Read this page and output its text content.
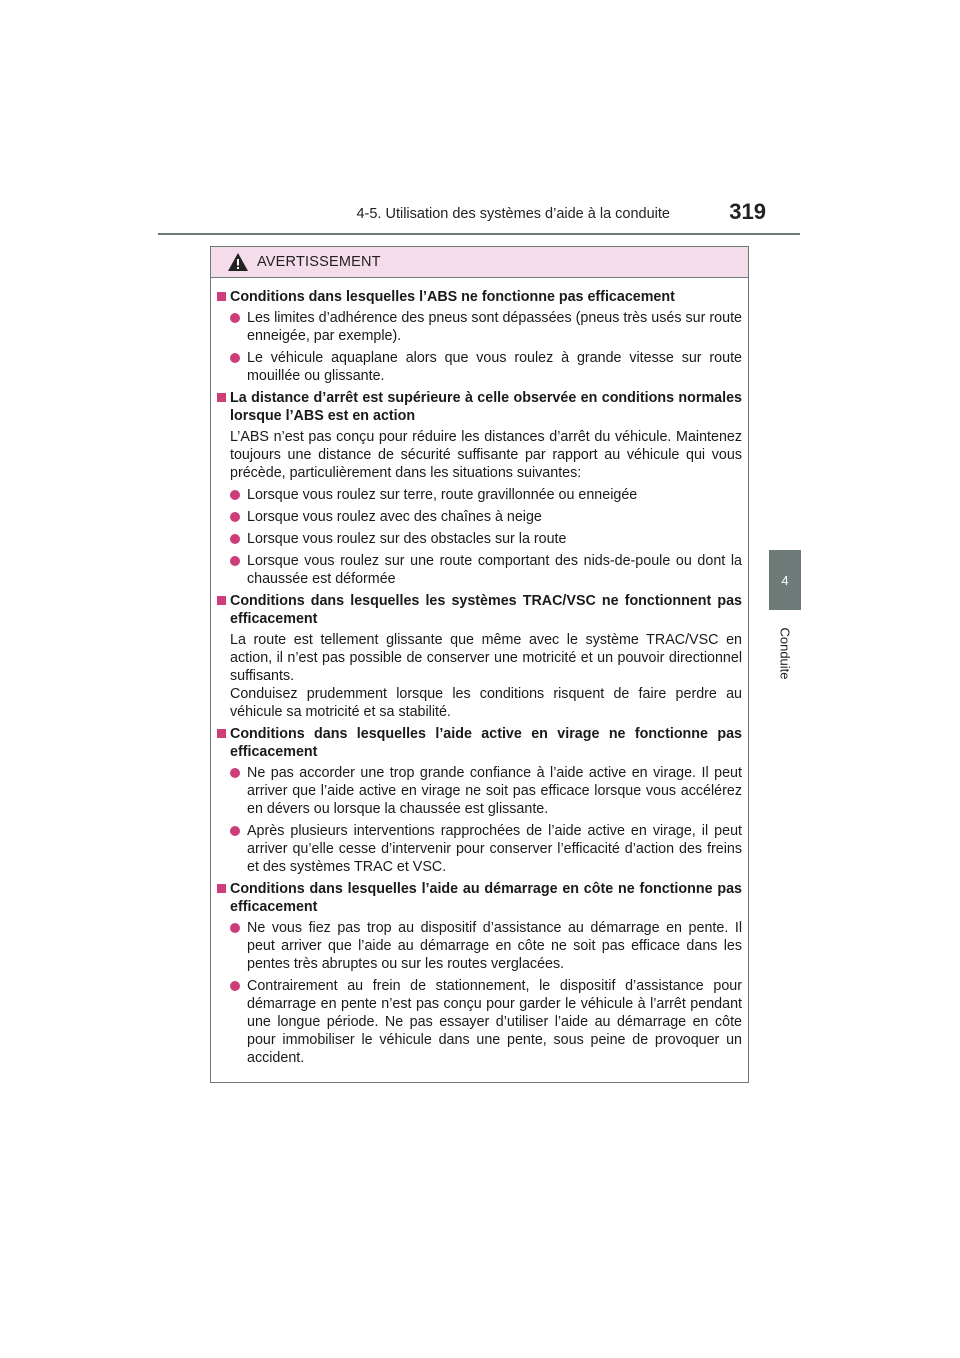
4-5. Utilisation des systèmes d’aide à la conduite	319
4
Conduite
AVERTISSEMENT
Conditions dans lesquelles l’ABS ne fonctionne pas efficacement
Les limites d’adhérence des pneus sont dépassées (pneus très usés sur route enneigée, par exemple).
Le véhicule aquaplane alors que vous roulez à grande vitesse sur route mouillée ou glissante.
La distance d’arrêt est supérieure à celle observée en conditions normales lorsque l’ABS est en action
L’ABS n’est pas conçu pour réduire les distances d’arrêt du véhicule. Maintenez toujours une distance de sécurité suffisante par rapport au véhicule qui vous précède, particulièrement dans les situations suivantes:
Lorsque vous roulez sur terre, route gravillonnée ou enneigée
Lorsque vous roulez avec des chaînes à neige
Lorsque vous roulez sur des obstacles sur la route
Lorsque vous roulez sur une route comportant des nids-de-poule ou dont la chaussée est déformée
Conditions dans lesquelles les systèmes TRAC/VSC ne fonctionnent pas efficacement
La route est tellement glissante que même avec le système TRAC/VSC en action, il n’est pas possible de conserver une motricité et un pouvoir directionnel suffisants.
Conduisez prudemment lorsque les conditions risquent de faire perdre au véhicule sa motricité et sa stabilité.
Conditions dans lesquelles l’aide active en virage ne fonctionne pas efficacement
Ne pas accorder une trop grande confiance à l’aide active en virage. Il peut arriver que l’aide active en virage ne soit pas efficace lorsque vous accélérez en dévers ou lorsque la chaussée est glissante.
Après plusieurs interventions rapprochées de l’aide active en virage, il peut arriver qu’elle cesse d’intervenir pour conserver l’efficacité d’action des freins et des systèmes TRAC et VSC.
Conditions dans lesquelles l’aide au démarrage en côte ne fonctionne pas efficacement
Ne vous fiez pas trop au dispositif d’assistance au démarrage en pente. Il peut arriver que l’aide au démarrage en côte ne soit pas efficace dans les pentes très abruptes ou sur les routes verglacées.
Contrairement au frein de stationnement, le dispositif d’assistance pour démarrage en pente n’est pas conçu pour garder le véhicule à l’arrêt pendant une longue période. Ne pas essayer d’utiliser l’aide au démarrage en côte pour immobiliser le véhicule dans une pente, sous peine de provoquer un accident.
